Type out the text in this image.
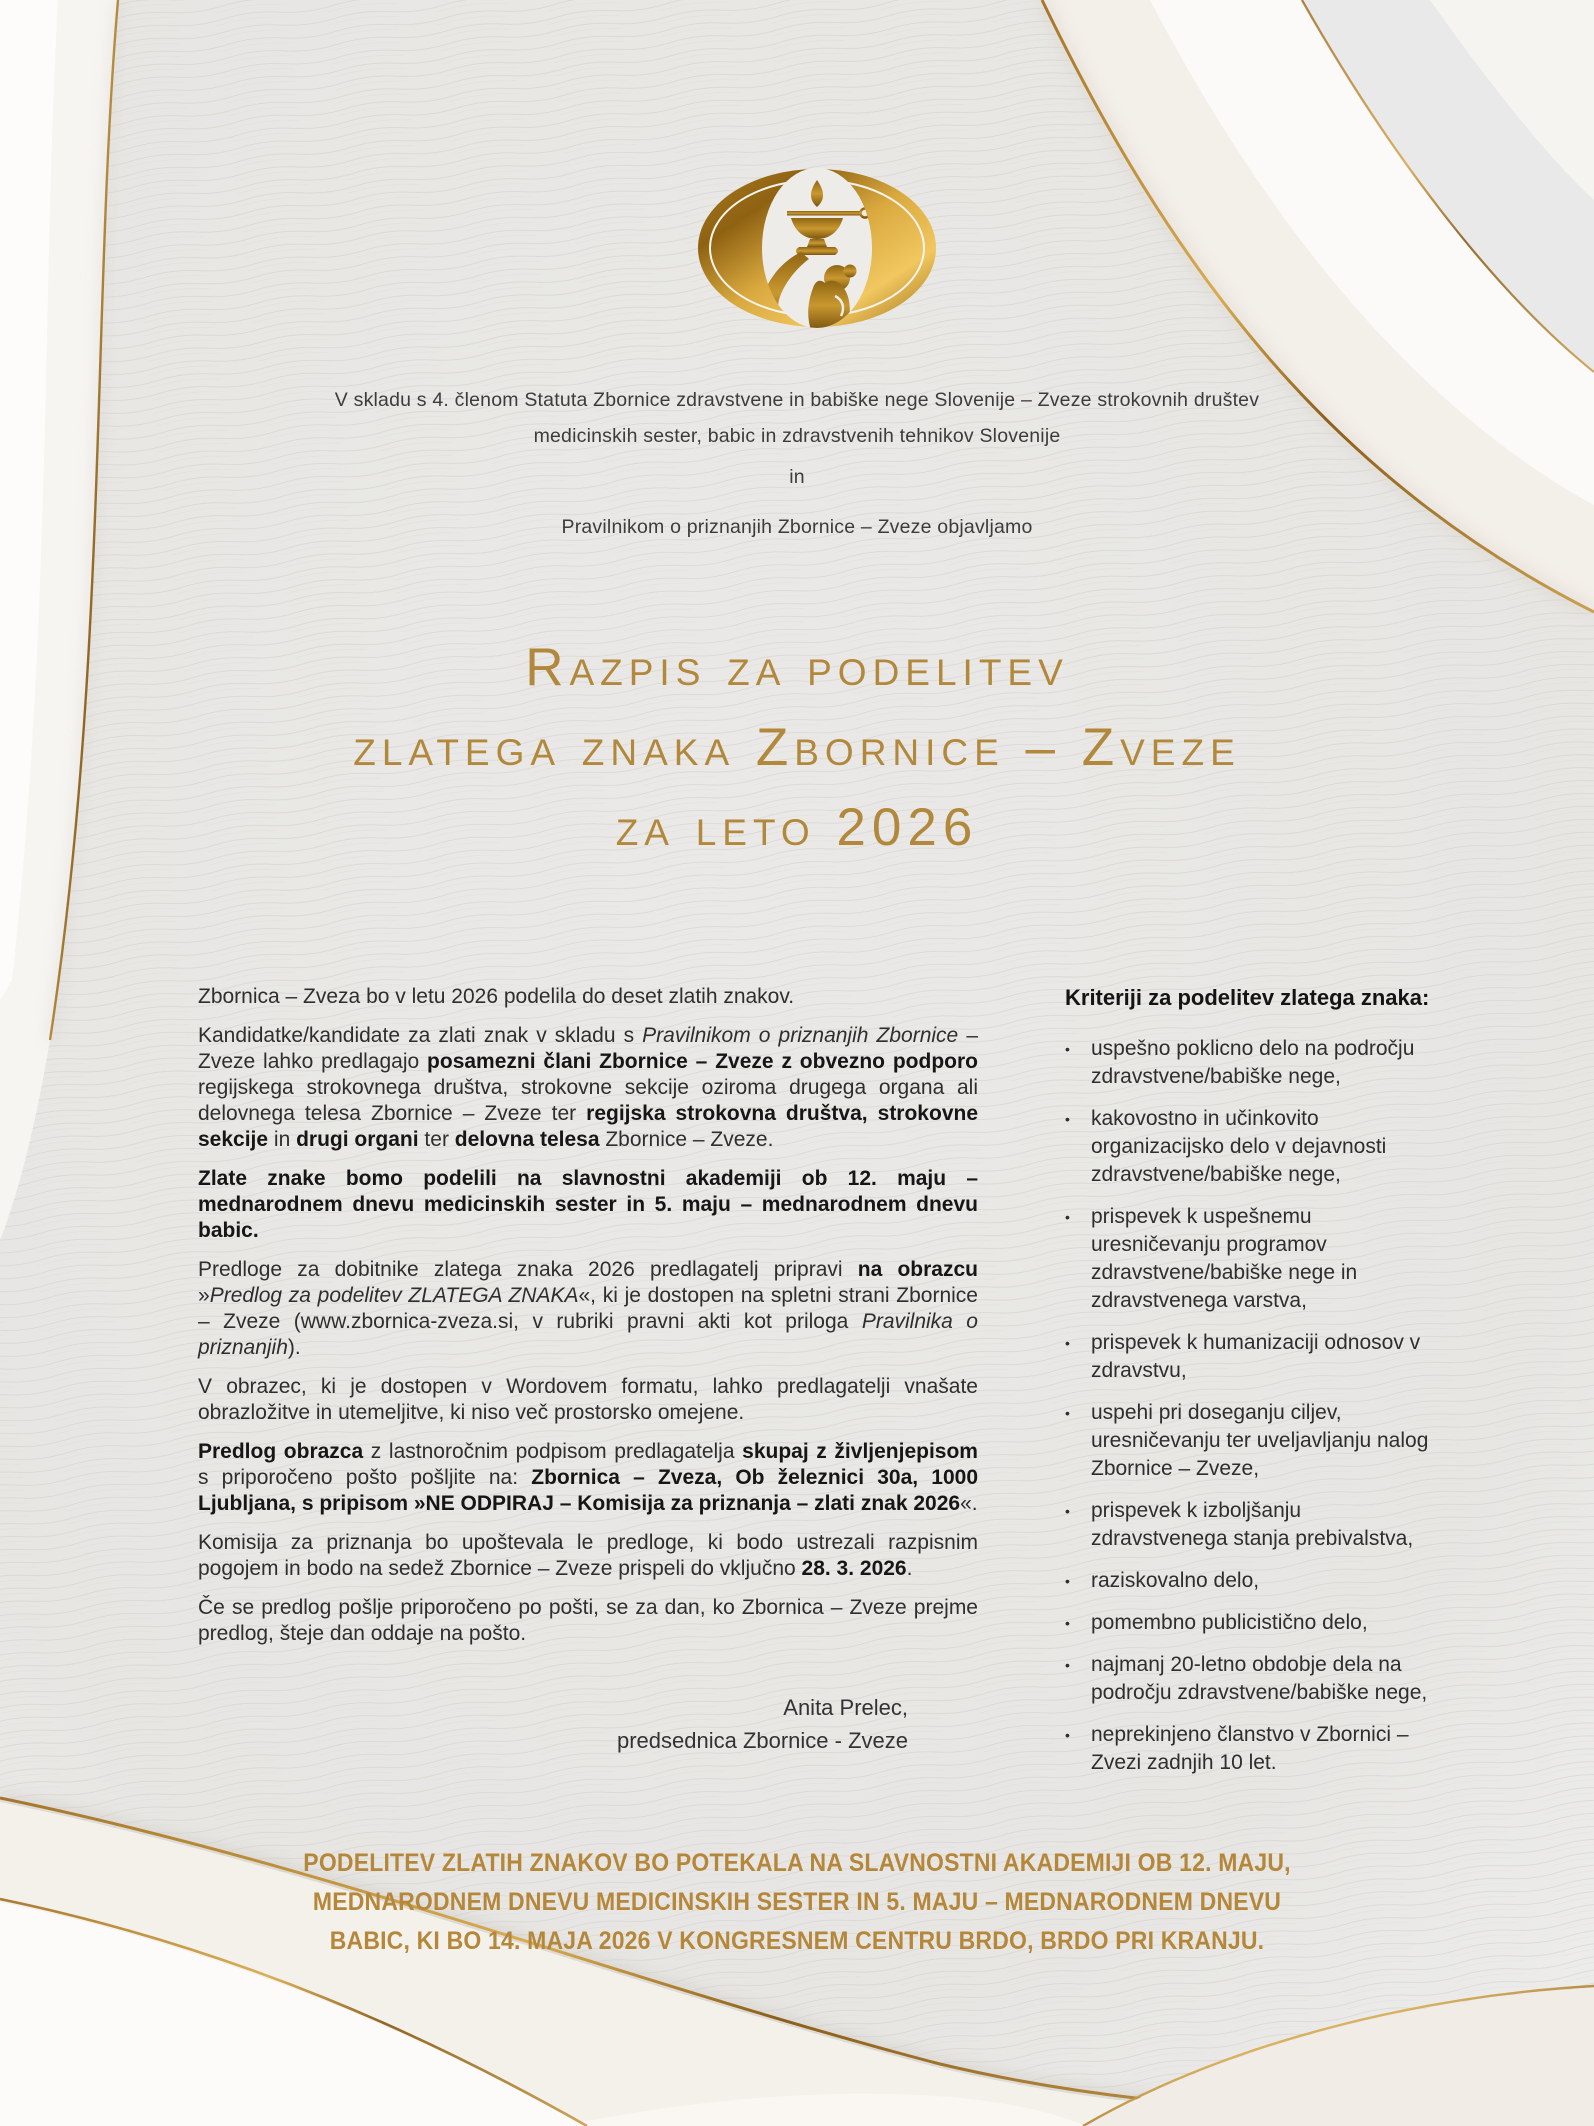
V skladu s 4. členom Statuta Zbornice zdravstvene in babiške nege Slovenije – Zveze strokovnih društev
medicinskih sester, babic in zdravstvenih tehnikov Slovenije
in
Pravilnikom o priznanjih Zbornice – Zveze objavljamo
Razpis za podelitev
zlatega znaka Zbornice – Zveze
za leto 2026

Zbornica – Zveza bo v letu 2026 podelila do deset zlatih znakov.

Kandidatke/kandidate za zlati znak v skladu s Pravilnikom o priznanjih Zbornice – Zveze lahko predlagajo posamezni člani Zbornice – Zveze z obvezno podporo regijskega strokovnega društva, strokovne sekcije oziroma drugega organa ali delovnega telesa Zbornice – Zveze ter regijska strokovna društva, strokovne sekcije in drugi organi ter delovna telesa Zbornice – Zveze.

Zlate znake bomo podelili na slavnostni akademiji ob 12. maju – mednarodnem dnevu medicinskih sester in 5. maju – mednarodnem dnevu babic.

Predloge za dobitnike zlatega znaka 2026 predlagatelj pripravi na obrazcu »Predlog za podelitev ZLATEGA ZNAKA«, ki je dostopen na spletni strani Zbornice – Zveze (www.zbornica-zveza.si, v rubriki pravni akti kot priloga Pravilnika o priznanjih).

V obrazec, ki je dostopen v Wordovem formatu, lahko predlagatelji vnašate obrazložitve in utemeljitve, ki niso več prostorsko omejene.

Predlog obrazca z lastnoročnim podpisom predlagatelja skupaj z življenjepisom s priporočeno pošto pošljite na: Zbornica – Zveza, Ob železnici 30a, 1000 Ljubljana, s pripisom »NE ODPIRAJ – Komisija za priznanja – zlati znak 2026«.

Komisija za priznanja bo upoštevala le predloge, ki bodo ustrezali razpisnim pogojem in bodo na sedež Zbornice – Zveze prispeli do vključno 28. 3. 2026.

Če se predlog pošlje priporočeno po pošti, se za dan, ko Zbornica – Zveze prejme predlog, šteje dan oddaje na pošto.

Anita Prelec,
predsednica Zbornice - Zveze
Kriteriji za podelitev zlatega znaka:
•	uspešno poklicno delo na področju zdravstvene/babiške nege,
•	kakovostno in učinkovito organizacijsko delo v dejavnosti zdravstvene/babiške nege,
•	prispevek k uspešnemu uresničevanju programov zdravstvene/babiške nege in zdravstvenega varstva,
•	prispevek k humanizaciji odnosov v zdravstvu,
•	uspehi pri doseganju ciljev, uresničevanju ter uveljavljanju nalog Zbornice – Zveze,
•	prispevek k izboljšanju zdravstvenega stanja prebivalstva,
•	raziskovalno delo,
•	pomembno publicistično delo,
•	najmanj 20-letno obdobje dela na področju zdravstvene/babiške nege,
•	neprekinjeno članstvo v Zbornici – Zvezi zadnjih 10 let.
PODELITEV ZLATIH ZNAKOV BO POTEKALA NA SLAVNOSTNI AKADEMIJI OB 12. MAJU,
MEDNARODNEM DNEVU MEDICINSKIH SESTER IN 5. MAJU – MEDNARODNEM DNEVU
BABIC, KI BO 14. MAJA 2026 V KONGRESNEM CENTRU BRDO, BRDO PRI KRANJU.
